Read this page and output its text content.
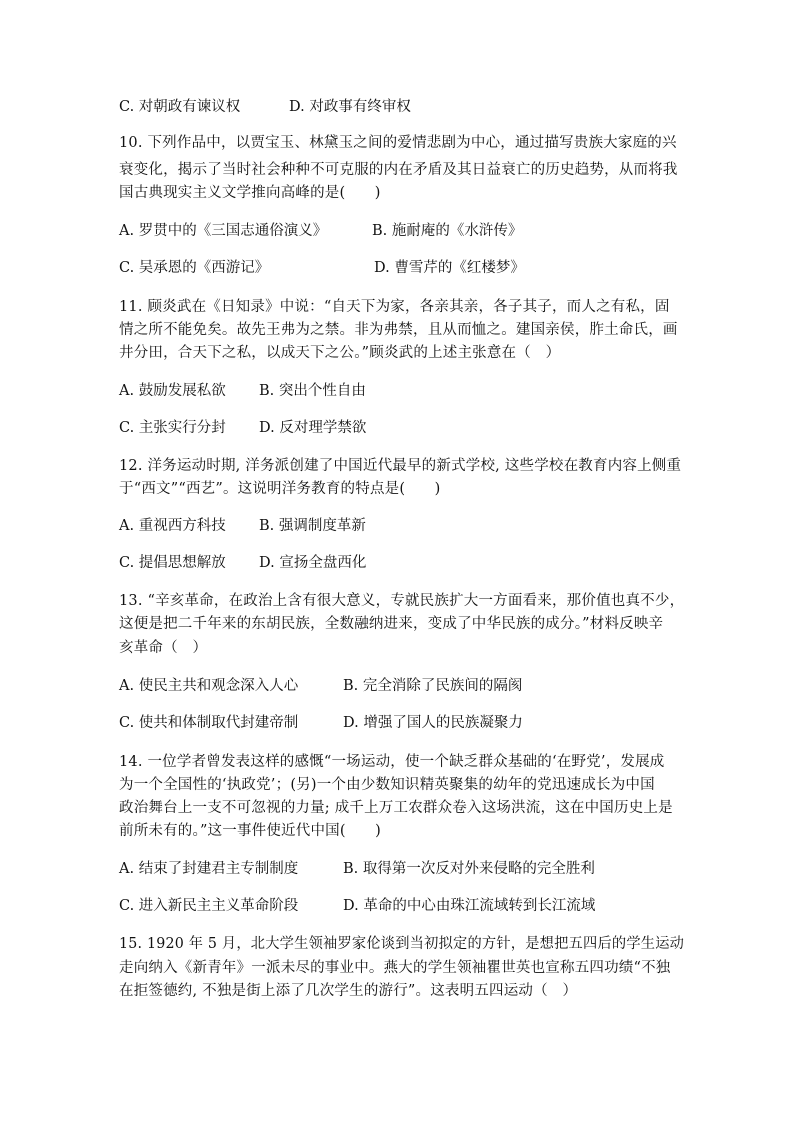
C. 对朝政有谏议权	D. 对政事有终审权
10. 下列作品中，以贾宝玉、林黛玉之间的爱情悲剧为中心，通过描写贵族大家庭的兴
衰变化，揭示了当时社会种种不可克服的内在矛盾及其日益衰亡的历史趋势，从而将我
国古典现实主义文学推向高峰的是(　　)
A. 罗贯中的《三国志通俗演义》	B. 施耐庵的《水浒传》
C. 吴承恩的《西游记》	D. 曹雪芹的《红楼梦》
11. 顾炎武在《日知录》中说：“自天下为家，各亲其亲，各子其子，而人之有私，固
情之所不能免矣。故先王弗为之禁。非为弗禁，且从而恤之。建国亲侯，胙土命氏，画
井分田，合天下之私，以成天下之公。”顾炎武的上述主张意在（　）
A. 鼓励发展私欲 B. 突出个性自由
C. 主张实行分封 D. 反对理学禁欲
12. 洋务运动时期, 洋务派创建了中国近代最早的新式学校, 这些学校在教育内容上侧重
于“西文”“西艺”。这说明洋务教育的特点是(　　)
A. 重视西方科技 B. 强调制度革新
C. 提倡思想解放 D. 宣扬全盘西化
13. “辛亥革命，在政治上含有很大意义，专就民族扩大一方面看来，那价值也真不少，
这便是把二千年来的东胡民族，全数融纳进来，变成了中华民族的成分。”材料反映辛
亥革命（　）
A. 使民主共和观念深入人心	B. 完全消除了民族间的隔阂
C. 使共和体制取代封建帝制	D. 增强了国人的民族凝聚力
14. 一位学者曾发表这样的感慨“一场运动，使一个缺乏群众基础的‘在野党’，发展成
为一个全国性的‘执政党’；(另)一个由少数知识精英聚集的幼年的党迅速成长为中国
政治舞台上一支不可忽视的力量; 成千上万工农群众卷入这场洪流，这在中国历史上是
前所未有的。”这一事件使近代中国(　　)
A. 结束了封建君主专制制度	B. 取得第一次反对外来侵略的完全胜利
C. 进入新民主主义革命阶段	D. 革命的中心由珠江流域转到长江流域
15. 1920 年 5 月，北大学生领袖罗家伦谈到当初拟定的方针，是想把五四后的学生运动
走向纳入《新青年》一派未尽的事业中。燕大的学生领袖瞿世英也宣称五四功绩“不独
在拒签德约, 不独是街上添了几次学生的游行”。这表明五四运动（　）
